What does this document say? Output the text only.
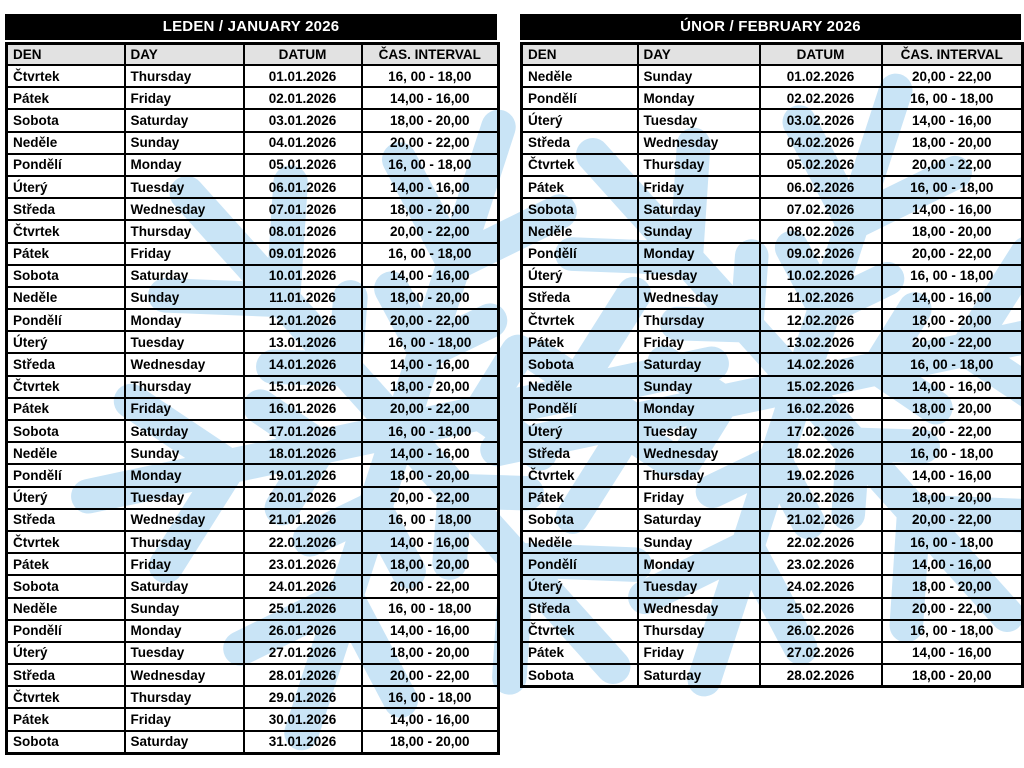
LEDEN / JANUARY 2026
DEN	DAY	DATUM	ČAS. INTERVAL
Čtvrtek	Thursday	01.01.2026	16, 00 - 18,00
Pátek	Friday	02.01.2026	14,00 - 16,00
Sobota	Saturday	03.01.2026	18,00 - 20,00
Neděle	Sunday	04.01.2026	20,00 - 22,00
Pondělí	Monday	05.01.2026	16, 00 - 18,00
Úterý	Tuesday	06.01.2026	14,00 - 16,00
Středa	Wednesday	07.01.2026	18,00 - 20,00
Čtvrtek	Thursday	08.01.2026	20,00 - 22,00
Pátek	Friday	09.01.2026	16, 00 - 18,00
Sobota	Saturday	10.01.2026	14,00 - 16,00
Neděle	Sunday	11.01.2026	18,00 - 20,00
Pondělí	Monday	12.01.2026	20,00 - 22,00
Úterý	Tuesday	13.01.2026	16, 00 - 18,00
Středa	Wednesday	14.01.2026	14,00 - 16,00
Čtvrtek	Thursday	15.01.2026	18,00 - 20,00
Pátek	Friday	16.01.2026	20,00 - 22,00
Sobota	Saturday	17.01.2026	16, 00 - 18,00
Neděle	Sunday	18.01.2026	14,00 - 16,00
Pondělí	Monday	19.01.2026	18,00 - 20,00
Úterý	Tuesday	20.01.2026	20,00 - 22,00
Středa	Wednesday	21.01.2026	16, 00 - 18,00
Čtvrtek	Thursday	22.01.2026	14,00 - 16,00
Pátek	Friday	23.01.2026	18,00 - 20,00
Sobota	Saturday	24.01.2026	20,00 - 22,00
Neděle	Sunday	25.01.2026	16, 00 - 18,00
Pondělí	Monday	26.01.2026	14,00 - 16,00
Úterý	Tuesday	27.01.2026	18,00 - 20,00
Středa	Wednesday	28.01.2026	20,00 - 22,00
Čtvrtek	Thursday	29.01.2026	16, 00 - 18,00
Pátek	Friday	30.01.2026	14,00 - 16,00
Sobota	Saturday	31.01.2026	18,00 - 20,00
ÚNOR / FEBRUARY 2026
DEN	DAY	DATUM	ČAS. INTERVAL
Neděle	Sunday	01.02.2026	20,00 - 22,00
Pondělí	Monday	02.02.2026	16, 00 - 18,00
Úterý	Tuesday	03.02.2026	14,00 - 16,00
Středa	Wednesday	04.02.2026	18,00 - 20,00
Čtvrtek	Thursday	05.02.2026	20,00 - 22,00
Pátek	Friday	06.02.2026	16, 00 - 18,00
Sobota	Saturday	07.02.2026	14,00 - 16,00
Neděle	Sunday	08.02.2026	18,00 - 20,00
Pondělí	Monday	09.02.2026	20,00 - 22,00
Úterý	Tuesday	10.02.2026	16, 00 - 18,00
Středa	Wednesday	11.02.2026	14,00 - 16,00
Čtvrtek	Thursday	12.02.2026	18,00 - 20,00
Pátek	Friday	13.02.2026	20,00 - 22,00
Sobota	Saturday	14.02.2026	16, 00 - 18,00
Neděle	Sunday	15.02.2026	14,00 - 16,00
Pondělí	Monday	16.02.2026	18,00 - 20,00
Úterý	Tuesday	17.02.2026	20,00 - 22,00
Středa	Wednesday	18.02.2026	16, 00 - 18,00
Čtvrtek	Thursday	19.02.2026	14,00 - 16,00
Pátek	Friday	20.02.2026	18,00 - 20,00
Sobota	Saturday	21.02.2026	20,00 - 22,00
Neděle	Sunday	22.02.2026	16, 00 - 18,00
Pondělí	Monday	23.02.2026	14,00 - 16,00
Úterý	Tuesday	24.02.2026	18,00 - 20,00
Středa	Wednesday	25.02.2026	20,00 - 22,00
Čtvrtek	Thursday	26.02.2026	16, 00 - 18,00
Pátek	Friday	27.02.2026	14,00 - 16,00
Sobota	Saturday	28.02.2026	18,00 - 20,00
